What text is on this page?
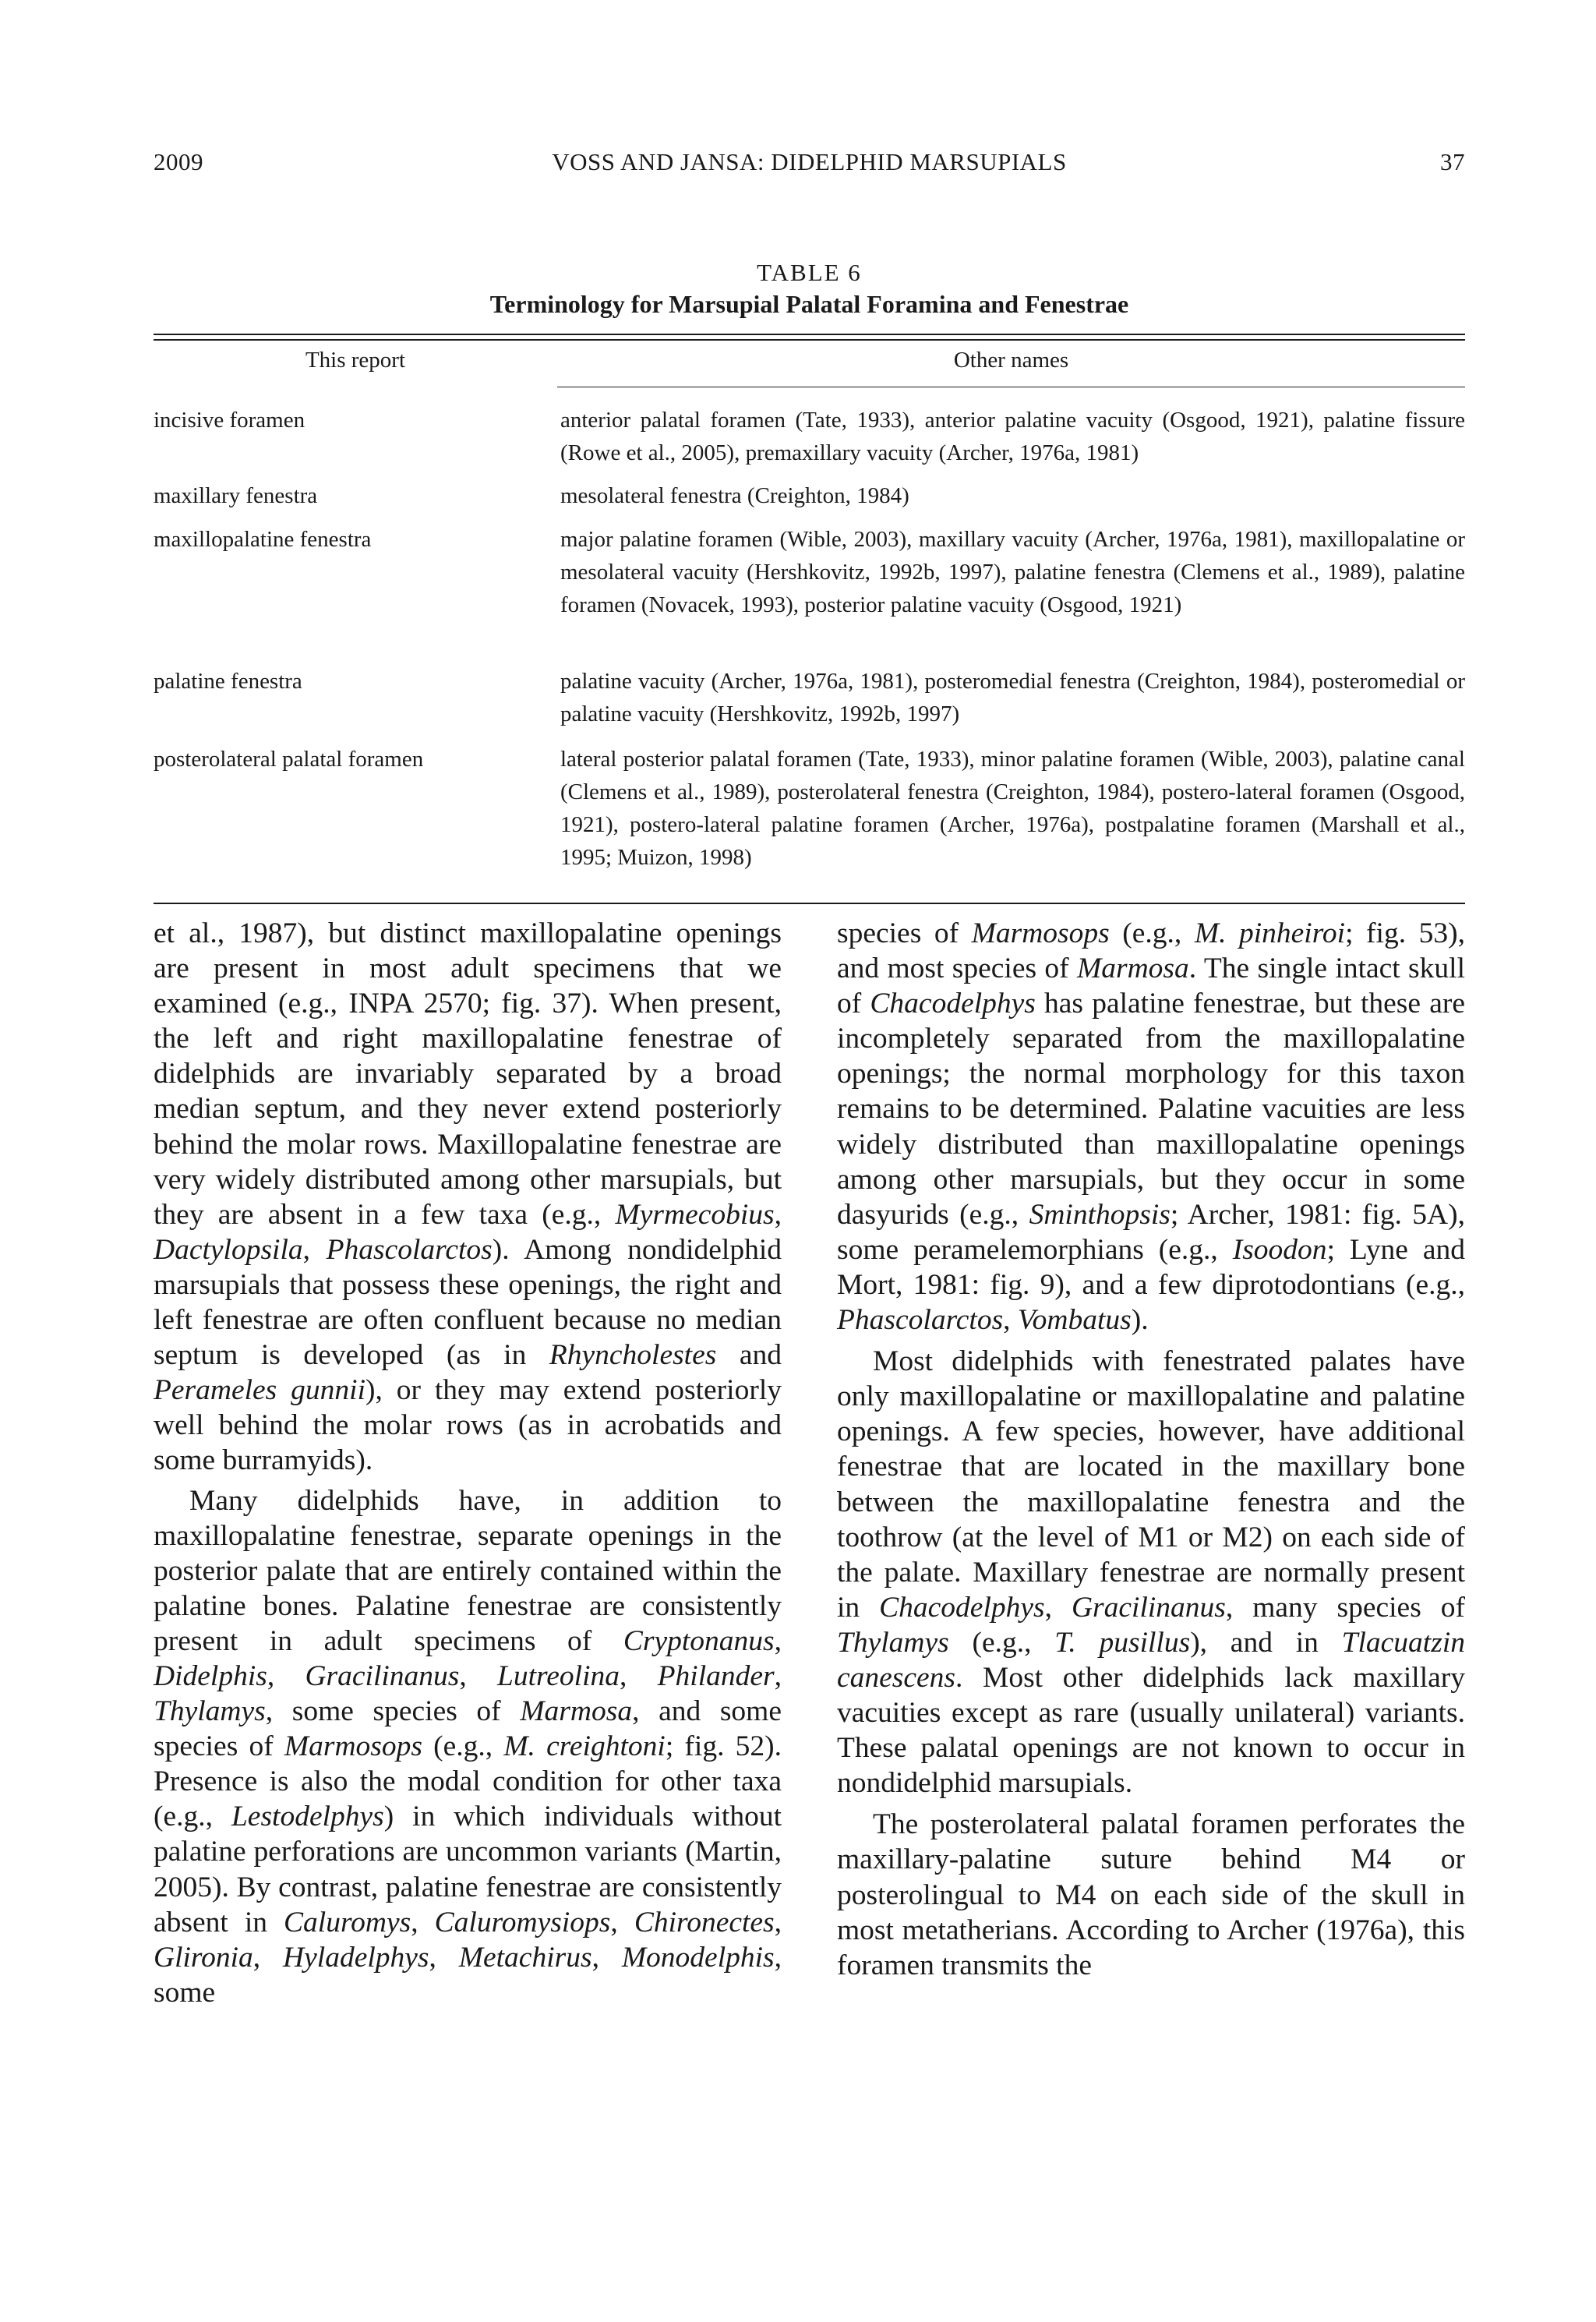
2009	VOSS AND JANSA: DIDELPHID MARSUPIALS	37
TABLE 6
Terminology for Marsupial Palatal Foramina and Fenestrae
This report	Other names
incisive foramen	anterior palatal foramen (Tate, 1933), anterior palatine vacuity (Osgood, 1921), palatine fissure (Rowe et al., 2005), premaxillary vacuity (Archer, 1976a, 1981)
maxillary fenestra	mesolateral fenestra (Creighton, 1984)
maxillopalatine fenestra	major palatine foramen (Wible, 2003), maxillary vacuity (Archer, 1976a, 1981), maxillopalatine or mesolateral vacuity (Hershkovitz, 1992b, 1997), palatine fenestra (Clemens et al., 1989), palatine foramen (Novacek, 1993), posterior palatine vacuity (Osgood, 1921)
palatine fenestra	palatine vacuity (Archer, 1976a, 1981), posteromedial fenestra (Creighton, 1984), posteromedial or palatine vacuity (Hershkovitz, 1992b, 1997)
posterolateral palatal foramen	lateral posterior palatal foramen (Tate, 1933), minor palatine foramen (Wible, 2003), palatine canal (Clemens et al., 1989), posterolateral fenestra (Creighton, 1984), postero-lateral foramen (Osgood, 1921), postero-lateral palatine foramen (Archer, 1976a), postpalatine foramen (Marshall et al., 1995; Muizon, 1998)

et al., 1987), but distinct maxillopalatine openings are present in most adult specimens that we examined (e.g., INPA 2570; fig. 37). When present, the left and right maxillopalatine fenestrae of didelphids are invariably separated by a broad median septum, and they never extend posteriorly behind the molar rows. Maxillopalatine fenestrae are very widely distributed among other marsupials, but they are absent in a few taxa (e.g., Myrmecobius, Dactylopsila, Phascolarctos). Among nondidelphid marsupials that possess these openings, the right and left fenestrae are often confluent because no median septum is developed (as in Rhyncholestes and Perameles gunnii), or they may extend posteriorly well behind the molar rows (as in acrobatids and some burramyids).

Many didelphids have, in addition to maxillopalatine fenestrae, separate openings in the posterior palate that are entirely contained within the palatine bones. Palatine fenestrae are consistently present in adult specimens of Cryptonanus, Didelphis, Gracilinanus, Lutreolina, Philander, Thylamys, some species of Marmosa, and some species of Marmosops (e.g., M. creightoni; fig. 52). Presence is also the modal condition for other taxa (e.g., Lestodelphys) in which individuals without palatine perforations are uncommon variants (Martin, 2005). By contrast, palatine fenestrae are consistently absent in Caluromys, Caluromysiops, Chironectes, Glironia, Hyladelphys, Metachirus, Monodelphis, some

species of Marmosops (e.g., M. pinheiroi; fig. 53), and most species of Marmosa. The single intact skull of Chacodelphys has palatine fenestrae, but these are incompletely separated from the maxillopalatine openings; the normal morphology for this taxon remains to be determined. Palatine vacuities are less widely distributed than maxillopalatine openings among other marsupials, but they occur in some dasyurids (e.g., Sminthopsis; Archer, 1981: fig. 5A), some peramelemorphians (e.g., Isoodon; Lyne and Mort, 1981: fig. 9), and a few diprotodontians (e.g., Phascolarctos, Vombatus).

Most didelphids with fenestrated palates have only maxillopalatine or maxillopalatine and palatine openings. A few species, however, have additional fenestrae that are located in the maxillary bone between the maxillopalatine fenestra and the toothrow (at the level of M1 or M2) on each side of the palate. Maxillary fenestrae are normally present in Chacodelphys, Gracilinanus, many species of Thylamys (e.g., T. pusillus), and in Tlacuatzin canescens. Most other didelphids lack maxillary vacuities except as rare (usually unilateral) variants. These palatal openings are not known to occur in nondidelphid marsupials.

The posterolateral palatal foramen perforates the maxillary-palatine suture behind M4 or posterolingual to M4 on each side of the skull in most metatherians. According to Archer (1976a), this foramen transmits the
